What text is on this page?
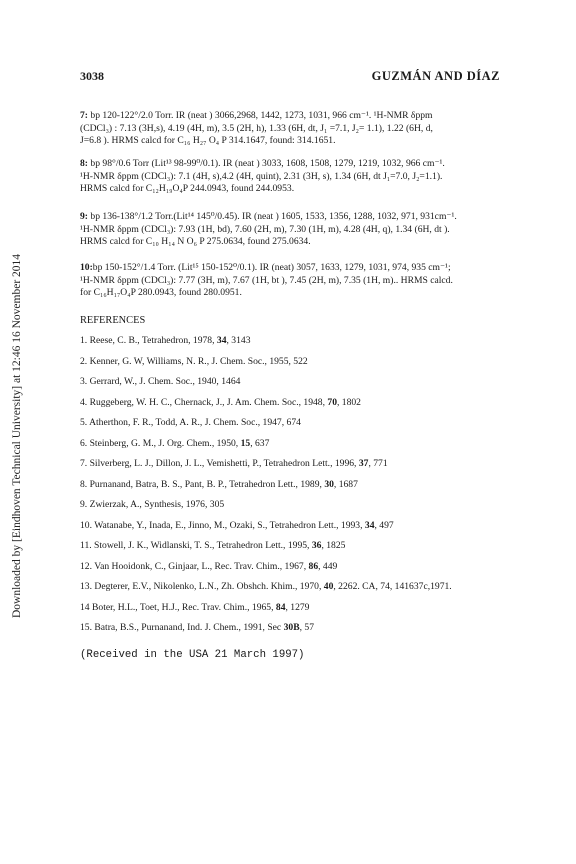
Downloaded by [Eindhoven Technical University] at 12:46 16 November 2014
3038	GUZMÁN AND DÍAZ
7: bp 120-122°/2.0 Torr. IR (neat ) 3066,2968, 1442, 1273, 1031, 966 cm⁻¹. ¹H-NMR δppm
(CDCl₃) : 7.13 (3H,s), 4.19 (4H, m), 3.5 (2H, h), 1.33 (6H, dt, J₁ =7.1, J₂= 1.1), 1.22 (6H, d,
J=6.8 ). HRMS calcd for C₁₆ H₂₇ O₄ P 314.1647, found: 314.1651.
8: bp 98°/0.6 Torr (Lit¹³ 98-99⁰/0.1). IR (neat ) 3033, 1608, 1508, 1279, 1219, 1032, 966 cm⁻¹.
¹H-NMR δppm (CDCl₃): 7.1 (4H, s),4.2 (4H, quint), 2.31 (3H, s), 1.34 (6H, dt J₁=7.0, J₂=1.1).
HRMS calcd for C₁₂H₁₉O₄P 244.0943, found 244.0953.
9: bp 136-138°/1.2 Torr.(Lit¹⁴ 145⁰/0.45). IR (neat ) 1605, 1533, 1356, 1288, 1032, 971, 931cm⁻¹.
¹H-NMR δppm (CDCl₃): 7.93 (1H, bd), 7.60 (2H, m), 7.30 (1H, m), 4.28 (4H, q), 1.34 (6H, dt ).
HRMS calcd for C₁₀ H₁₄ N O₆ P 275.0634, found 275.0634.
10:bp 150-152°/1.4 Torr. (Lit¹⁵ 150-152⁰/0.1). IR (neat) 3057, 1633, 1279, 1031, 974, 935 cm⁻¹;
¹H-NMR δppm (CDCl₃): 7.77 (3H, m), 7.67 (1H, bt ), 7.45 (2H, m), 7.35 (1H, m).. HRMS calcd.
for C₁₆H₁₇O₄P 280.0943, found 280.0951.
REFERENCES
1. Reese, C. B., Tetrahedron, 1978, 34, 3143
2. Kenner, G. W, Williams, N. R., J. Chem. Soc., 1955, 522
3. Gerrard, W., J. Chem. Soc., 1940, 1464
4. Ruggeberg, W. H. C., Chernack, J., J. Am. Chem. Soc., 1948, 70, 1802
5. Atherthon, F. R., Todd, A. R., J. Chem. Soc., 1947, 674
6. Steinberg, G. M., J. Org. Chem., 1950, 15, 637
7. Silverberg, L. J., Dillon, J. L., Vemishetti, P., Tetrahedron Lett., 1996, 37, 771
8. Purnanand, Batra, B. S., Pant, B. P., Tetrahedron Lett., 1989, 30, 1687
9. Zwierzak, A., Synthesis, 1976, 305
10. Watanabe, Y., Inada, E., Jinno, M., Ozaki, S., Tetrahedron Lett., 1993, 34, 497
11. Stowell, J. K., Widlanski, T. S., Tetrahedron Lett., 1995, 36, 1825
12. Van Hooidonk, C., Ginjaar, L., Rec. Trav. Chim., 1967, 86, 449
13. Degterer, E.V., Nikolenko, L.N., Zh. Obshch. Khim., 1970, 40, 2262. CA, 74, 141637c,1971.
14 Boter, H.L., Toet, H.J., Rec. Trav. Chim., 1965, 84, 1279
15. Batra, B.S., Purnanand, Ind. J. Chem., 1991, Sec 30B, 57
(Received in the USA 21 March 1997)
